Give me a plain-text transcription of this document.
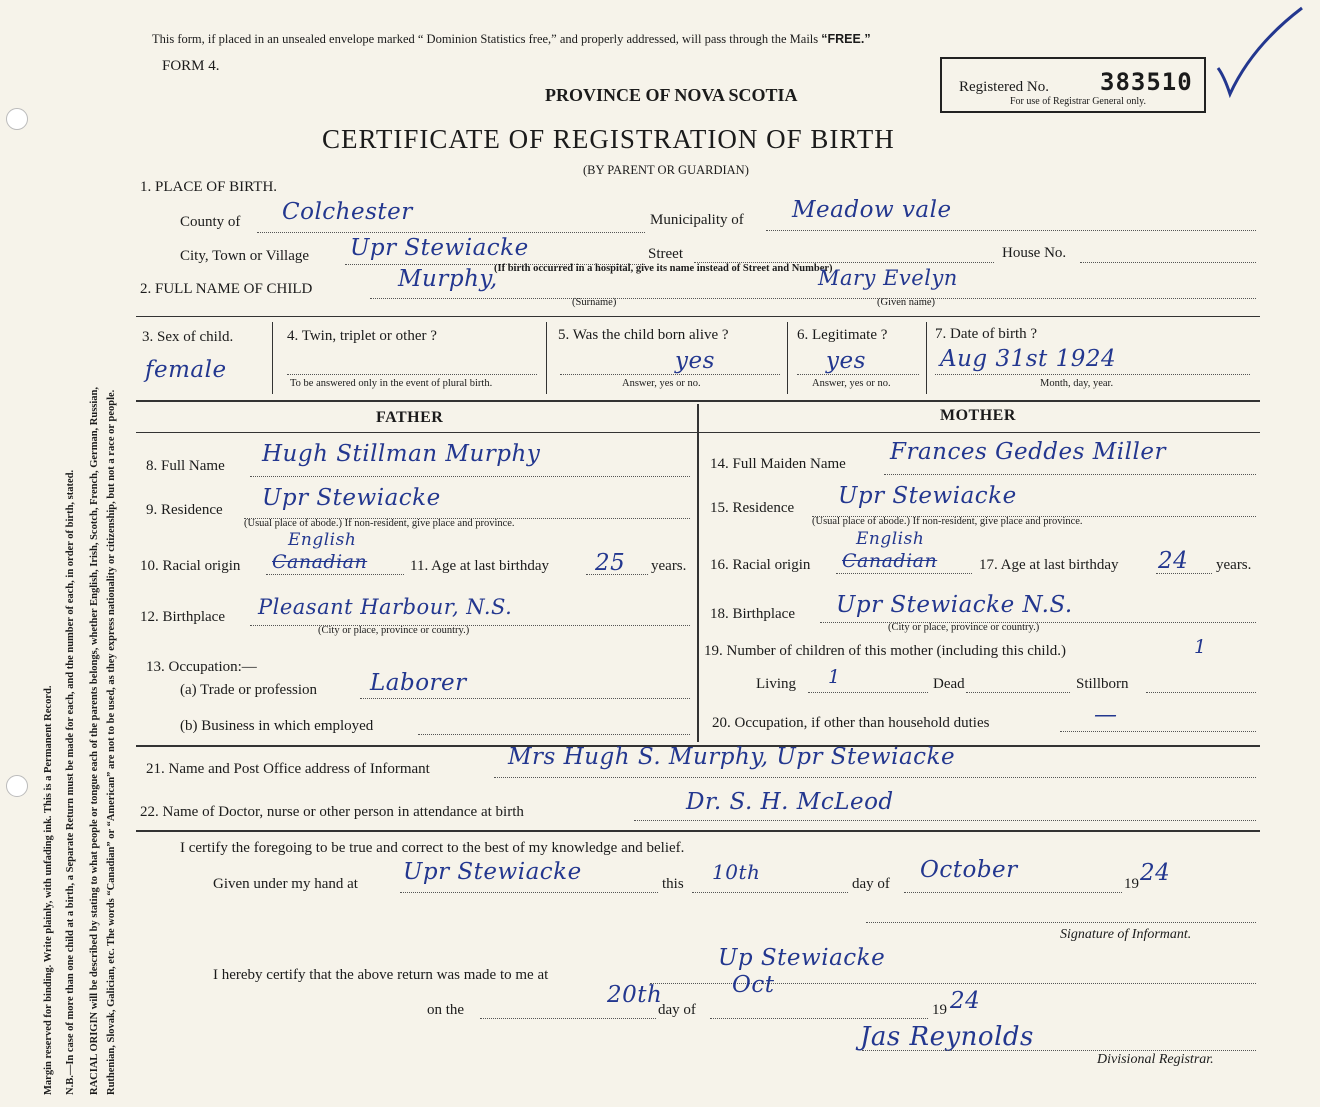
Margin reserved for binding. Write plainly, with unfading ink. This is a Permanent Record. N.B.—In case of more than one child at a birth, a Separate Return must be made for each, and the number of each, in order of birth, stated. RACIAL ORIGIN will be described by stating to what people or tongue each of the parents belongs, whether English, Irish, Scotch, French, German, Russian, Ruthenian, Slovak, Galician, etc. The words “Canadian” or “American” are not to be used, as they express nationality or citizenship, but not a race or people.
This form, if placed in an unsealed envelope marked “ Dominion Statistics free,” and properly addressed, will pass through the Mails “FREE.”
FORM 4.
PROVINCE OF NOVA SCOTIA
CERTIFICATE OF REGISTRATION OF BIRTH
(BY PARENT OR GUARDIAN)
Registered No. 383510
For use of Registrar General only.
1. PLACE OF BIRTH.
County of Colchester	Municipality of Meadow vale
City, Town or Village Upr Stewiacke	Street	House No.
(If birth occurred in a hospital, give its name instead of Street and Number)
2. FULL NAME OF CHILD	Murphy,
(Surname)
Mary Evelyn
(Given name)
3. Sex of child.
female
4. Twin, triplet or other ?
To be answered only in the event of plural birth.
5. Was the child born alive ?
yes
Answer, yes or no.
6. Legitimate ?
yes
Answer, yes or no.
7. Date of birth ?
Aug 31st 1924
Month, day, year.
FATHER	MOTHER
8. Full Name Hugh Stillman Murphy
9. Residence Upr Stewiacke
(Usual place of abode.) If non-resident, give place and province.
10. Racial origin Canadian
English
11. Age at last birthday 25 years.
12. Birthplace Pleasant Harbour, N.S.
(City or place, province or country.)
13. Occupation:—
(a) Trade or profession Laborer
(b) Business in which employed
14. Full Maiden Name Frances Geddes Miller
15. Residence Upr Stewiacke
(Usual place of abode.) If non-resident, give place and province.
16. Racial origin Canadian
English
17. Age at last birthday 24 years.
18. Birthplace Upr Stewiacke N.S.
(City or place, province or country.)
19. Number of children of this mother (including this child.)	1
Living 1	Dead	Stillborn
20. Occupation, if other than household duties	—
21. Name and Post Office address of Informant	Mrs Hugh S. Murphy, Upr Stewiacke
22. Name of Doctor, nurse or other person in attendance at birth	Dr. S. H. McLeod
I certify the foregoing to be true and correct to the best of my knowledge and belief.
Given under my hand at Upr Stewiacke	this 10th	day of
October
19 24
Signature of Informant.
I hereby certify that the above return was made to me at
Up Stewiacke
on the
20th
day of
Oct
19 24
Jas Reynolds
Divisional Registrar.
